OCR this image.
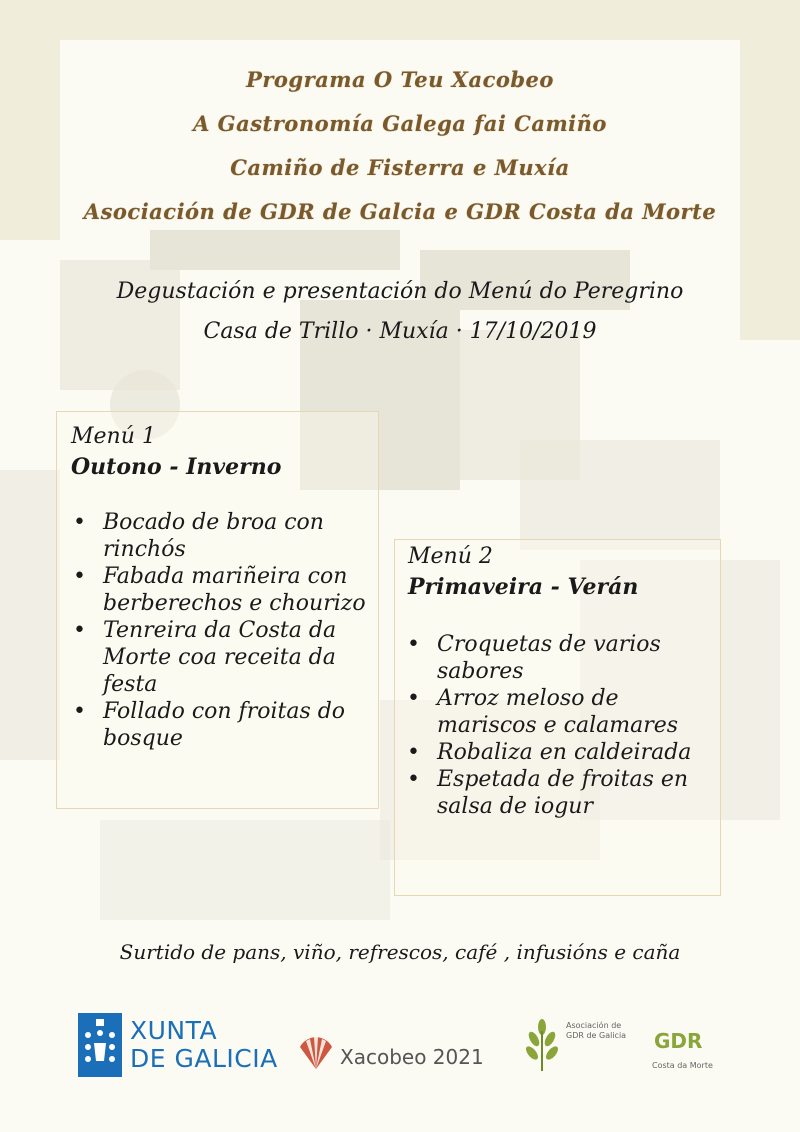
Programa O Teu Xacobeo
A Gastronomía Galega fai Camiño
Camiño de Fisterra e Muxía
Asociación de GDR de Galcia e GDR Costa da Morte
Degustación e presentación do Menú do Peregrino
Casa de Trillo · Muxía · 17/10/2019
Menú 1
Outono - Inverno
• Bocado de broa con rinchós
• Fabada mariñeira con berberechos e chourizo
• Tenreira da Costa da Morte coa receita da festa
• Follado con froitas do bosque
Menú 2
Primaveira - Verán
• Croquetas de varios sabores
• Arroz meloso de mariscos e calamares
• Robaliza en caldeirada
• Espetada de froitas en salsa de iogur
Surtido de pans, viño, refrescos, café , infusións e caña
XUNTA
DE GALICIA	Xacobeo 2021
Asociación de GDR de Galicia GDR
Costa da Morte
